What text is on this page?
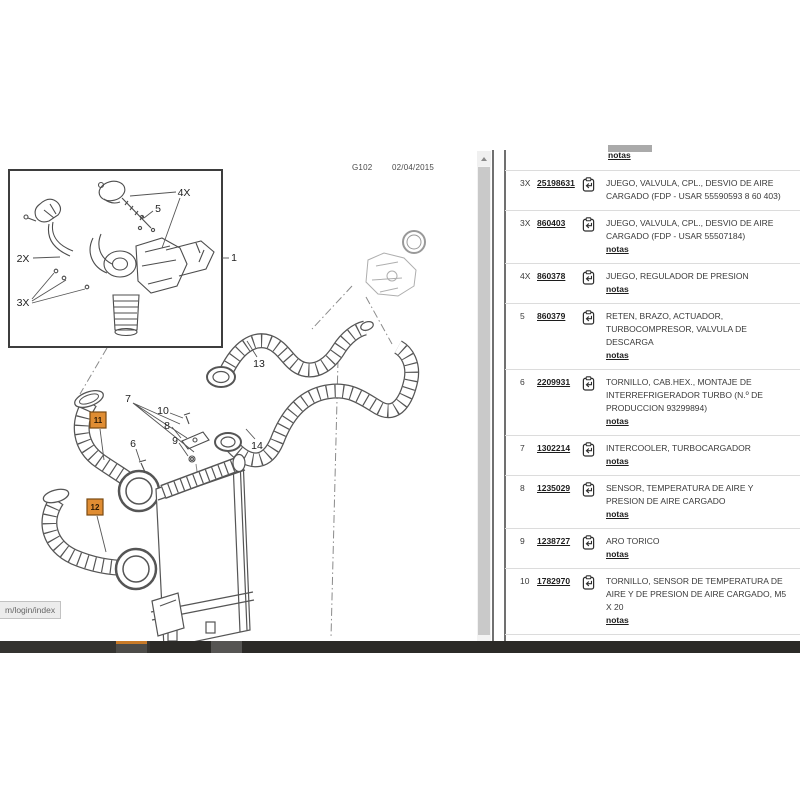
G102 02/04/2015
2X
3X
4X
5
1
7
10
8
9
6
13
14
11
12
notas
3X 25198631	JUEGO, VALVULA, CPL., DESVIO DE AIRE CARGADO (FDP - USAR 55590593 8 60 403)
3X 860403	JUEGO, VALVULA, CPL., DESVIO DE AIRE CARGADO (FDP - USAR 55507184)
notas
4X 860378	JUEGO, REGULADOR DE PRESION
notas
5	860379	RETEN, BRAZO, ACTUADOR, TURBOCOMPRESOR, VALVULA DE DESCARGA
notas
6	2209931	TORNILLO, CAB.HEX., MONTAJE DE INTERREFRIGERADOR TURBO (N.º DE PRODUCCION 93299894)
notas
7	1302214	INTERCOOLER, TURBOCARGADOR
notas
8	1235029	SENSOR, TEMPERATURA DE AIRE Y PRESION DE AIRE CARGADO
notas
9	1238727	ARO TORICO
notas
10 1782970	TORNILLO, SENSOR DE TEMPERATURA DE AIRE Y DE PRESION DE AIRE CARGADO, M5 X 20
notas
m/login/index
